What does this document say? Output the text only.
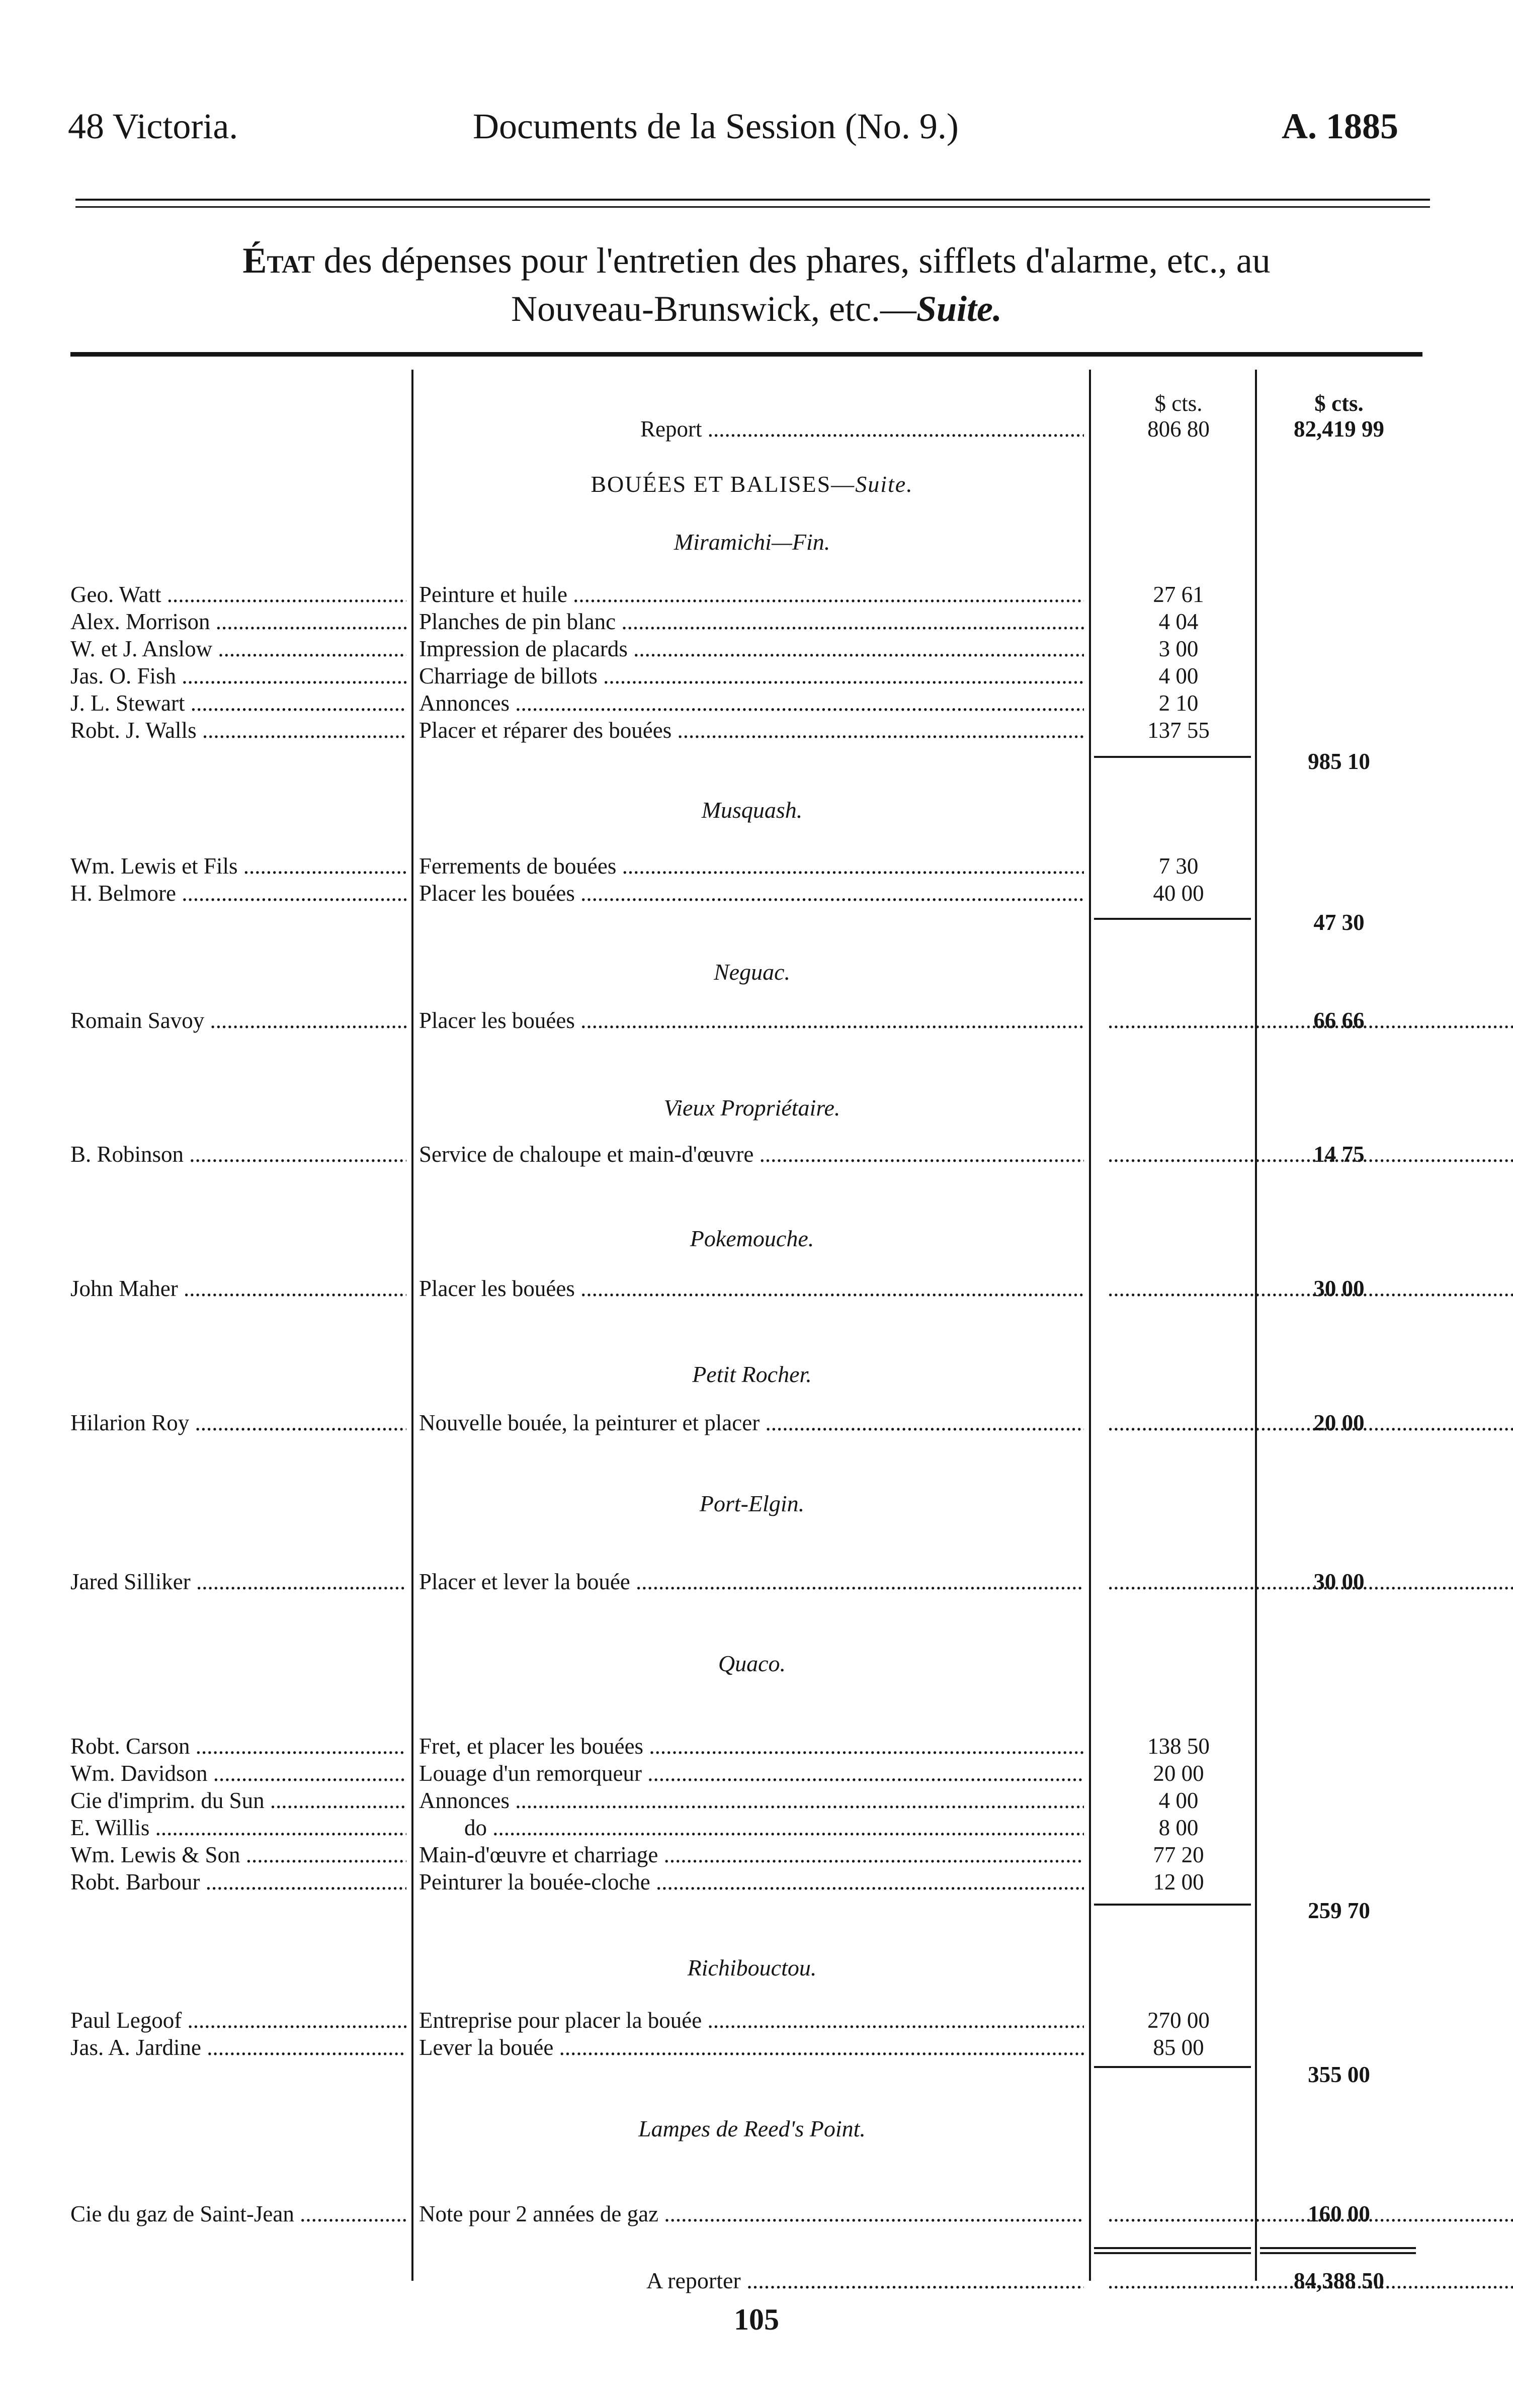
48 Victoria.	Documents de la Session (No. 9.)	A. 1885
État des dépenses pour l'entretien des phares, sifflets d'alarme, etc., au
Nouveau-Brunswick, etc.—Suite.
$ cts.	$ cts.
Report .....	806 80	82,419 99
BOUÉES ET BALISES—Suite.
Miramichi—Fin.
Geo. Watt .....	Peinture et huile .....	27 61
Alex. Morrison .....	Planches de pin blanc .....	4 04
W. et J. Anslow .....	Impression de placards .....	3 00
Jas. O. Fish .....	Charriage de billots .....	4 00
J. L. Stewart .....	Annonces .....	2 10
Robt. J. Walls .....	Placer et réparer des bouées .....	137 55
985 10
Musquash.
Wm. Lewis et Fils .....	Ferrements de bouées .....	7 30
H. Belmore .....	Placer les bouées .....	40 00
47 30
Neguac.
Romain Savoy .....	Placer les bouées ..... .....	66 66
Vieux Propriétaire.
B. Robinson .....	Service de chaloupe et main-d'œuvre ..... .....	14 75
Pokemouche.
John Maher .....	Placer les bouées ..... .....	30 00
Petit Rocher.
Hilarion Roy .....	Nouvelle bouée, la peinturer et placer ..... .....	20 00
Port-Elgin.
Jared Silliker .....	Placer et lever la bouée ..... .....	30 00
Quaco.
Robt. Carson .....	Fret, et placer les bouées .....	138 50
Wm. Davidson .....	Louage d'un remorqueur .....	20 00
Cie d'imprim. du Sun .....	Annonces .....	4 00
E. Willis .....	do .....	8 00
Wm. Lewis & Son .....	Main-d'œuvre et charriage .....	77 20
Robt. Barbour .....	Peinturer la bouée-cloche .....	12 00
259 70
Richibouctou.
Paul Legoof .....	Entreprise pour placer la bouée .....	270 00
Jas. A. Jardine .....	Lever la bouée .....	85 00
355 00
Lampes de Reed's Point.
Cie du gaz de Saint-Jean .....	Note pour 2 années de gaz ..... .....	160 00
A reporter ..... .....	84,388 50
105
